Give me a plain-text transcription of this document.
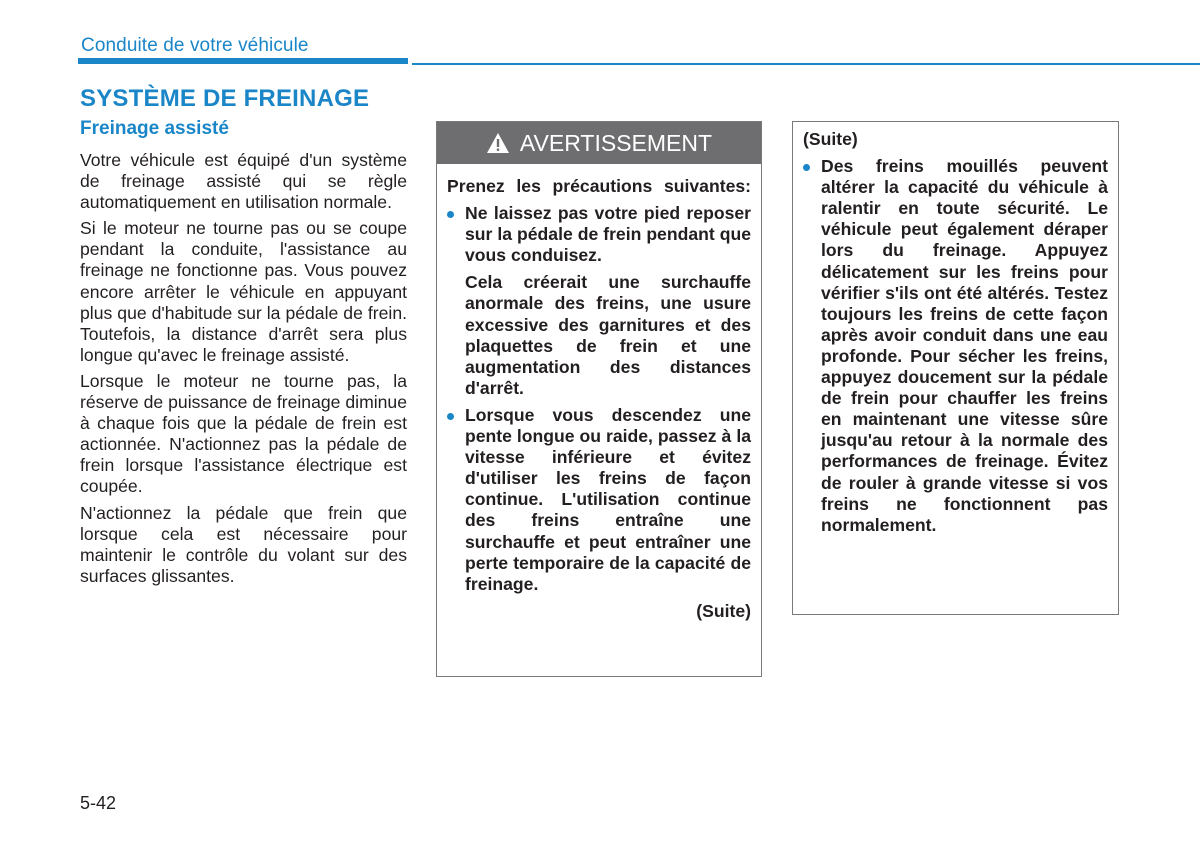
Conduite de votre véhicule
SYSTÈME DE FREINAGE
Freinage assisté

Votre véhicule est équipé d'un système de freinage assisté qui se règle automatiquement en utilisation normale.

Si le moteur ne tourne pas ou se coupe pendant la conduite, l'assistance au freinage ne fonctionne pas. Vous pouvez encore arrêter le véhicule en appuyant plus que d'habitude sur la pédale de frein. Toutefois, la distance d'arrêt sera plus longue qu'avec le freinage assisté.

Lorsque le moteur ne tourne pas, la réserve de puissance de freinage diminue à chaque fois que la pédale de frein est actionnée. N'actionnez pas la pédale de frein lorsque l'assistance électrique est coupée.

N'actionnez la pédale que frein que lorsque cela est nécessaire pour maintenir le contrôle du volant sur des surfaces glissantes.

AVERTISSEMENT

Prenez les précautions suivantes:

Ne laissez pas votre pied reposer sur la pédale de frein pendant que vous conduisez.
Cela créerait une surchauffe anormale des freins, une usure excessive des garnitures et des plaquettes de frein et une augmentation des distances d'arrêt.
Lorsque vous descendez une pente longue ou raide, passez à la vitesse inférieure et évitez d'utiliser les freins de façon continue. L'utilisation continue des freins entraîne une surchauffe et peut entraîner une perte temporaire de la capacité de freinage.
(Suite)

(Suite)

Des freins mouillés peuvent altérer la capacité du véhicule à ralentir en toute sécurité. Le véhicule peut également déraper lors du freinage. Appuyez délicatement sur les freins pour vérifier s'ils ont été altérés. Testez toujours les freins de cette façon après avoir conduit dans une eau profonde. Pour sécher les freins, appuyez doucement sur la pédale de frein pour chauffer les freins en maintenant une vitesse sûre jusqu'au retour à la normale des performances de freinage. Évitez de rouler à grande vitesse si vos freins ne fonctionnent pas normalement.
5-42
